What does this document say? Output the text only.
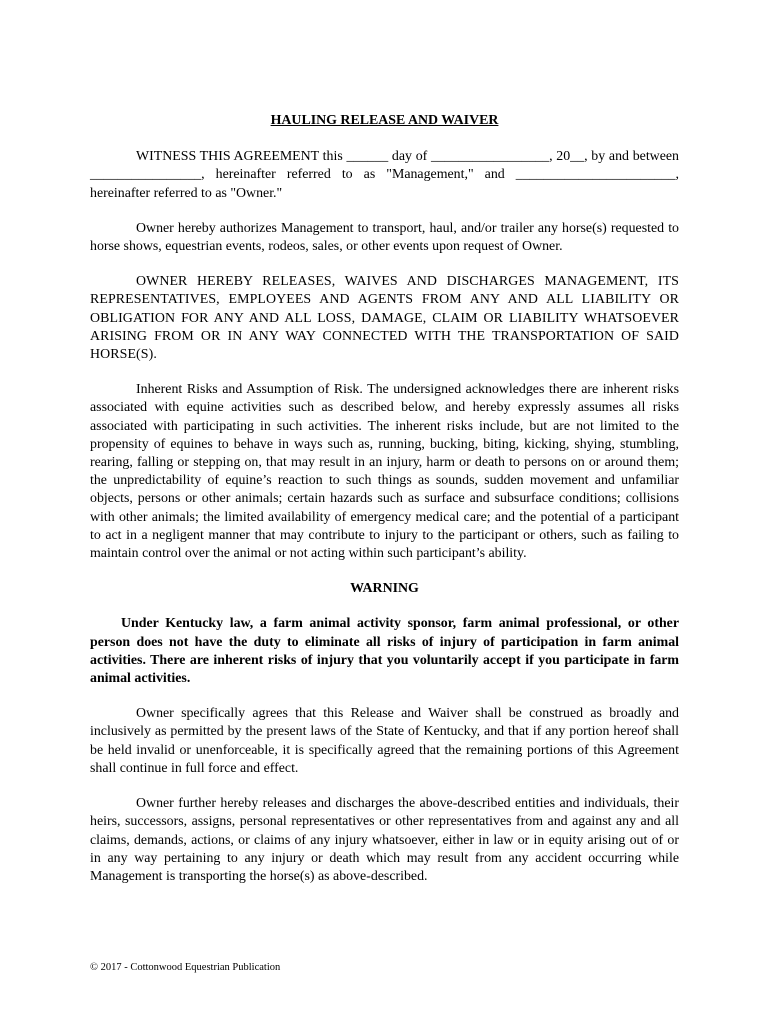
HAULING RELEASE AND WAIVER

WITNESS THIS AGREEMENT this ______ day of _________________, 20__, by and between ________________, hereinafter referred to as "Management," and _______________________, hereinafter referred to as "Owner."

Owner hereby authorizes Management to transport, haul, and/or trailer any horse(s) requested to horse shows, equestrian events, rodeos, sales, or other events upon request of Owner.

OWNER HEREBY RELEASES, WAIVES AND DISCHARGES MANAGEMENT, ITS REPRESENTATIVES, EMPLOYEES AND AGENTS FROM ANY AND ALL LIABILITY OR OBLIGATION FOR ANY AND ALL LOSS, DAMAGE, CLAIM OR LIABILITY WHATSOEVER ARISING FROM OR IN ANY WAY CONNECTED WITH THE TRANSPORTATION OF SAID HORSE(S).

Inherent Risks and Assumption of Risk. The undersigned acknowledges there are inherent risks associated with equine activities such as described below, and hereby expressly assumes all risks associated with participating in such activities. The inherent risks include, but are not limited to the propensity of equines to behave in ways such as, running, bucking, biting, kicking, shying, stumbling, rearing, falling or stepping on, that may result in an injury, harm or death to persons on or around them; the unpredictability of equine’s reaction to such things as sounds, sudden movement and unfamiliar objects, persons or other animals; certain hazards such as surface and subsurface conditions; collisions with other animals; the limited availability of emergency medical care; and the potential of a participant to act in a negligent manner that may contribute to injury to the participant or others, such as failing to maintain control over the animal or not acting within such participant’s ability.

WARNING

Under Kentucky law, a farm animal activity sponsor, farm animal professional, or other person does not have the duty to eliminate all risks of injury of participation in farm animal activities. There are inherent risks of injury that you voluntarily accept if you participate in farm animal activities.

Owner specifically agrees that this Release and Waiver shall be construed as broadly and inclusively as permitted by the present laws of the State of Kentucky, and that if any portion hereof shall be held invalid or unenforceable, it is specifically agreed that the remaining portions of this Agreement shall continue in full force and effect.

Owner further hereby releases and discharges the above-described entities and individuals, their heirs, successors, assigns, personal representatives or other representatives from and against any and all claims, demands, actions, or claims of any injury whatsoever, either in law or in equity arising out of or in any way pertaining to any injury or death which may result from any accident occurring while Management is transporting the horse(s) as above-described.

© 2017 - Cottonwood Equestrian Publication
